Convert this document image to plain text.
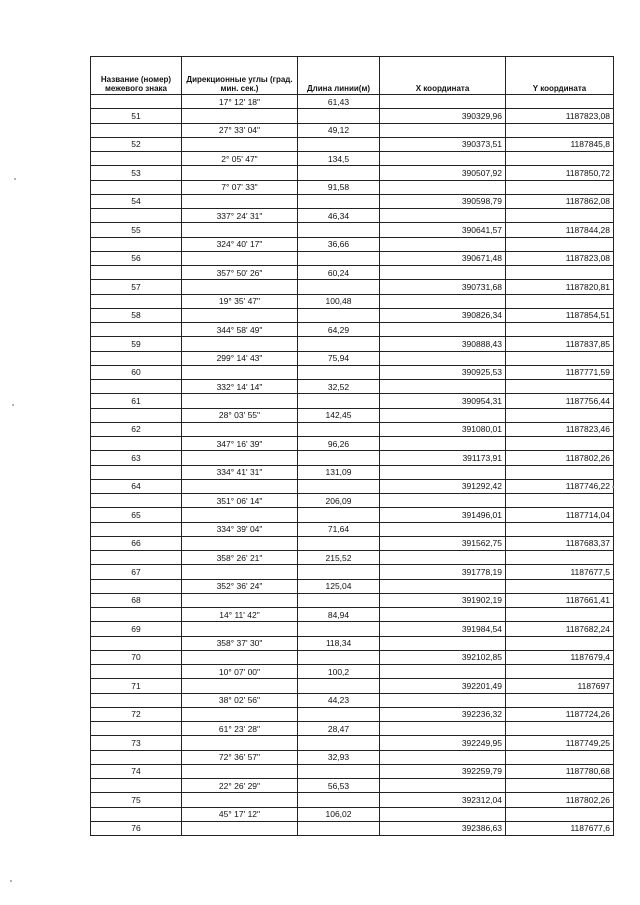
Название (номер) межевого знака	Дирекционные углы (град. мин. сек.)	Длина линии(м)	X координата	Y координата
	17° 12' 18"	61,43		
51			390329,96	1187823,08
	27° 33' 04"	49,12		
52			390373,51	1187845,8
	2° 05' 47"	134,5		
53			390507,92	1187850,72
	7° 07' 33"	91,58		
54			390598,79	1187862,08
	337° 24' 31"	46,34		
55			390641,57	1187844,28
	324° 40' 17"	36,66		
56			390671,48	1187823,08
	357° 50' 26"	60,24		
57			390731,68	1187820,81
	19° 35' 47"	100,48		
58			390826,34	1187854,51
	344° 58' 49"	64,29		
59			390888,43	1187837,85
	299° 14' 43"	75,94		
60			390925,53	1187771,59
	332° 14' 14"	32,52		
61			390954,31	1187756,44
	28° 03' 55"	142,45		
62			391080,01	1187823,46
	347° 16' 39"	96,26		
63			391173,91	1187802,26
	334° 41' 31"	131,09		
64			391292,42	1187746,22
	351° 06' 14"	206,09		
65			391496,01	1187714,04
	334° 39' 04"	71,64		
66			391562,75	1187683,37
	358° 26' 21"	215,52		
67			391778,19	1187677,5
	352° 36' 24"	125,04		
68			391902,19	1187661,41
	14° 11' 42"	84,94		
69			391984,54	1187682,24
	358° 37' 30"	118,34		
70			392102,85	1187679,4
	10° 07' 00"	100,2		
71			392201,49	1187697
	38° 02' 56"	44,23		
72			392236,32	1187724,26
	61° 23' 28"	28,47		
73			392249,95	1187749,25
	72° 36' 57"	32,93		
74			392259,79	1187780,68
	22° 26' 29"	56,53		
75			392312,04	1187802,26
	45° 17' 12"	106,02		
76			392386,63	1187677,6
